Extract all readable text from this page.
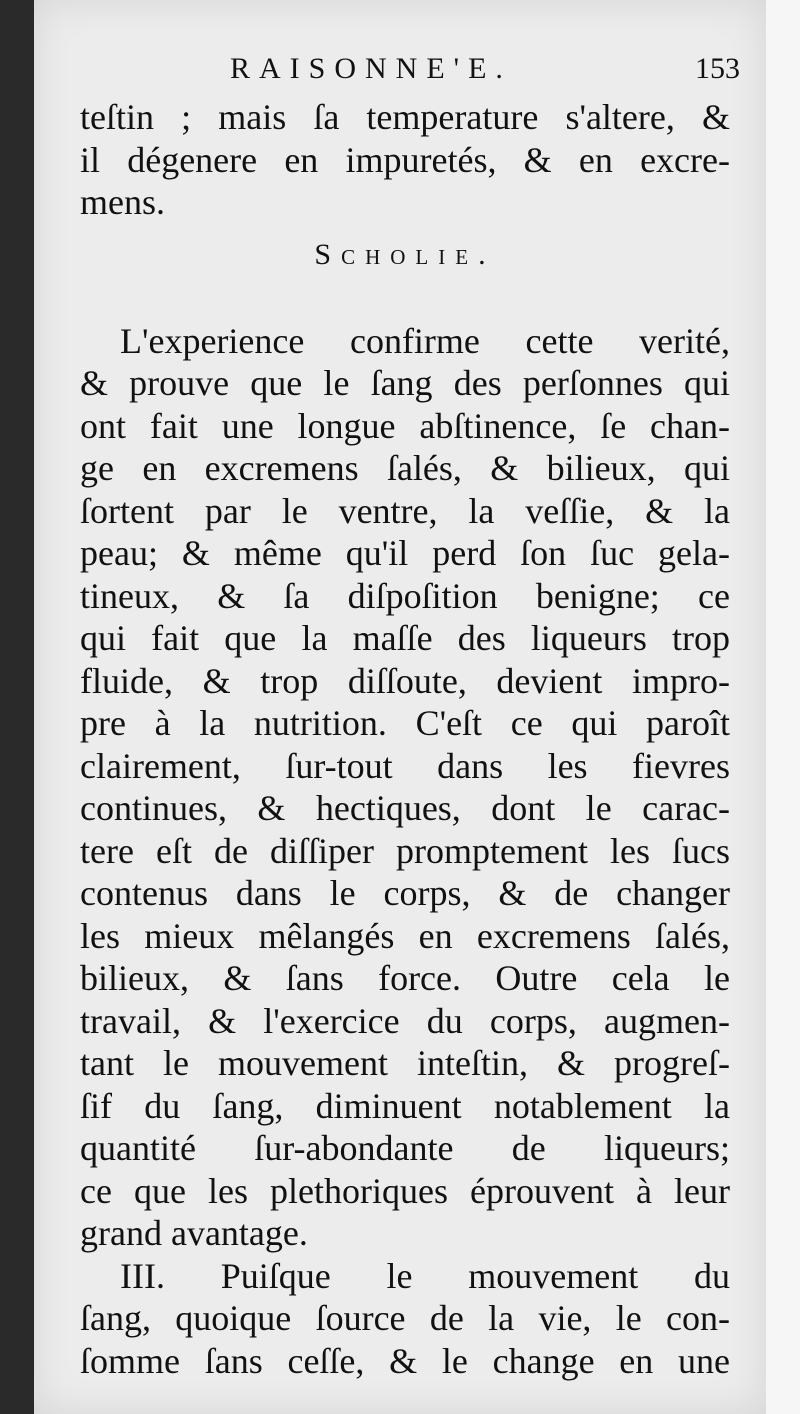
RAISONNE'E.	153
teſtin ; mais ſa temperature s'altere, &
il dégenere en impuretés, & en excre-
mens.
Scholie.
L'experience confirme cette verité,
& prouve que le ſang des perſonnes qui
ont fait une longue abſtinence, ſe chan-
ge en excremens ſalés, & bilieux, qui
ſortent par le ventre, la veſſie, & la
peau; & même qu'il perd ſon ſuc gela-
tineux, & ſa diſpoſition benigne; ce
qui fait que la maſſe des liqueurs trop
fluide, & trop diſſoute, devient impro-
pre à la nutrition. C'eſt ce qui paroît
clairement, ſur-tout dans les fievres
continues, & hectiques, dont le carac-
tere eſt de diſſiper promptement les ſucs
contenus dans le corps, & de changer
les mieux mêlangés en excremens ſalés,
bilieux, & ſans force. Outre cela le
travail, & l'exercice du corps, augmen-
tant le mouvement inteſtin, & progreſ-
ſif du ſang, diminuent notablement la
quantité ſur-abondante de liqueurs;
ce que les plethoriques éprouvent à leur
grand avantage.
III. Puiſque le mouvement du
ſang, quoique ſource de la vie, le con-
ſomme ſans ceſſe, & le change en une
